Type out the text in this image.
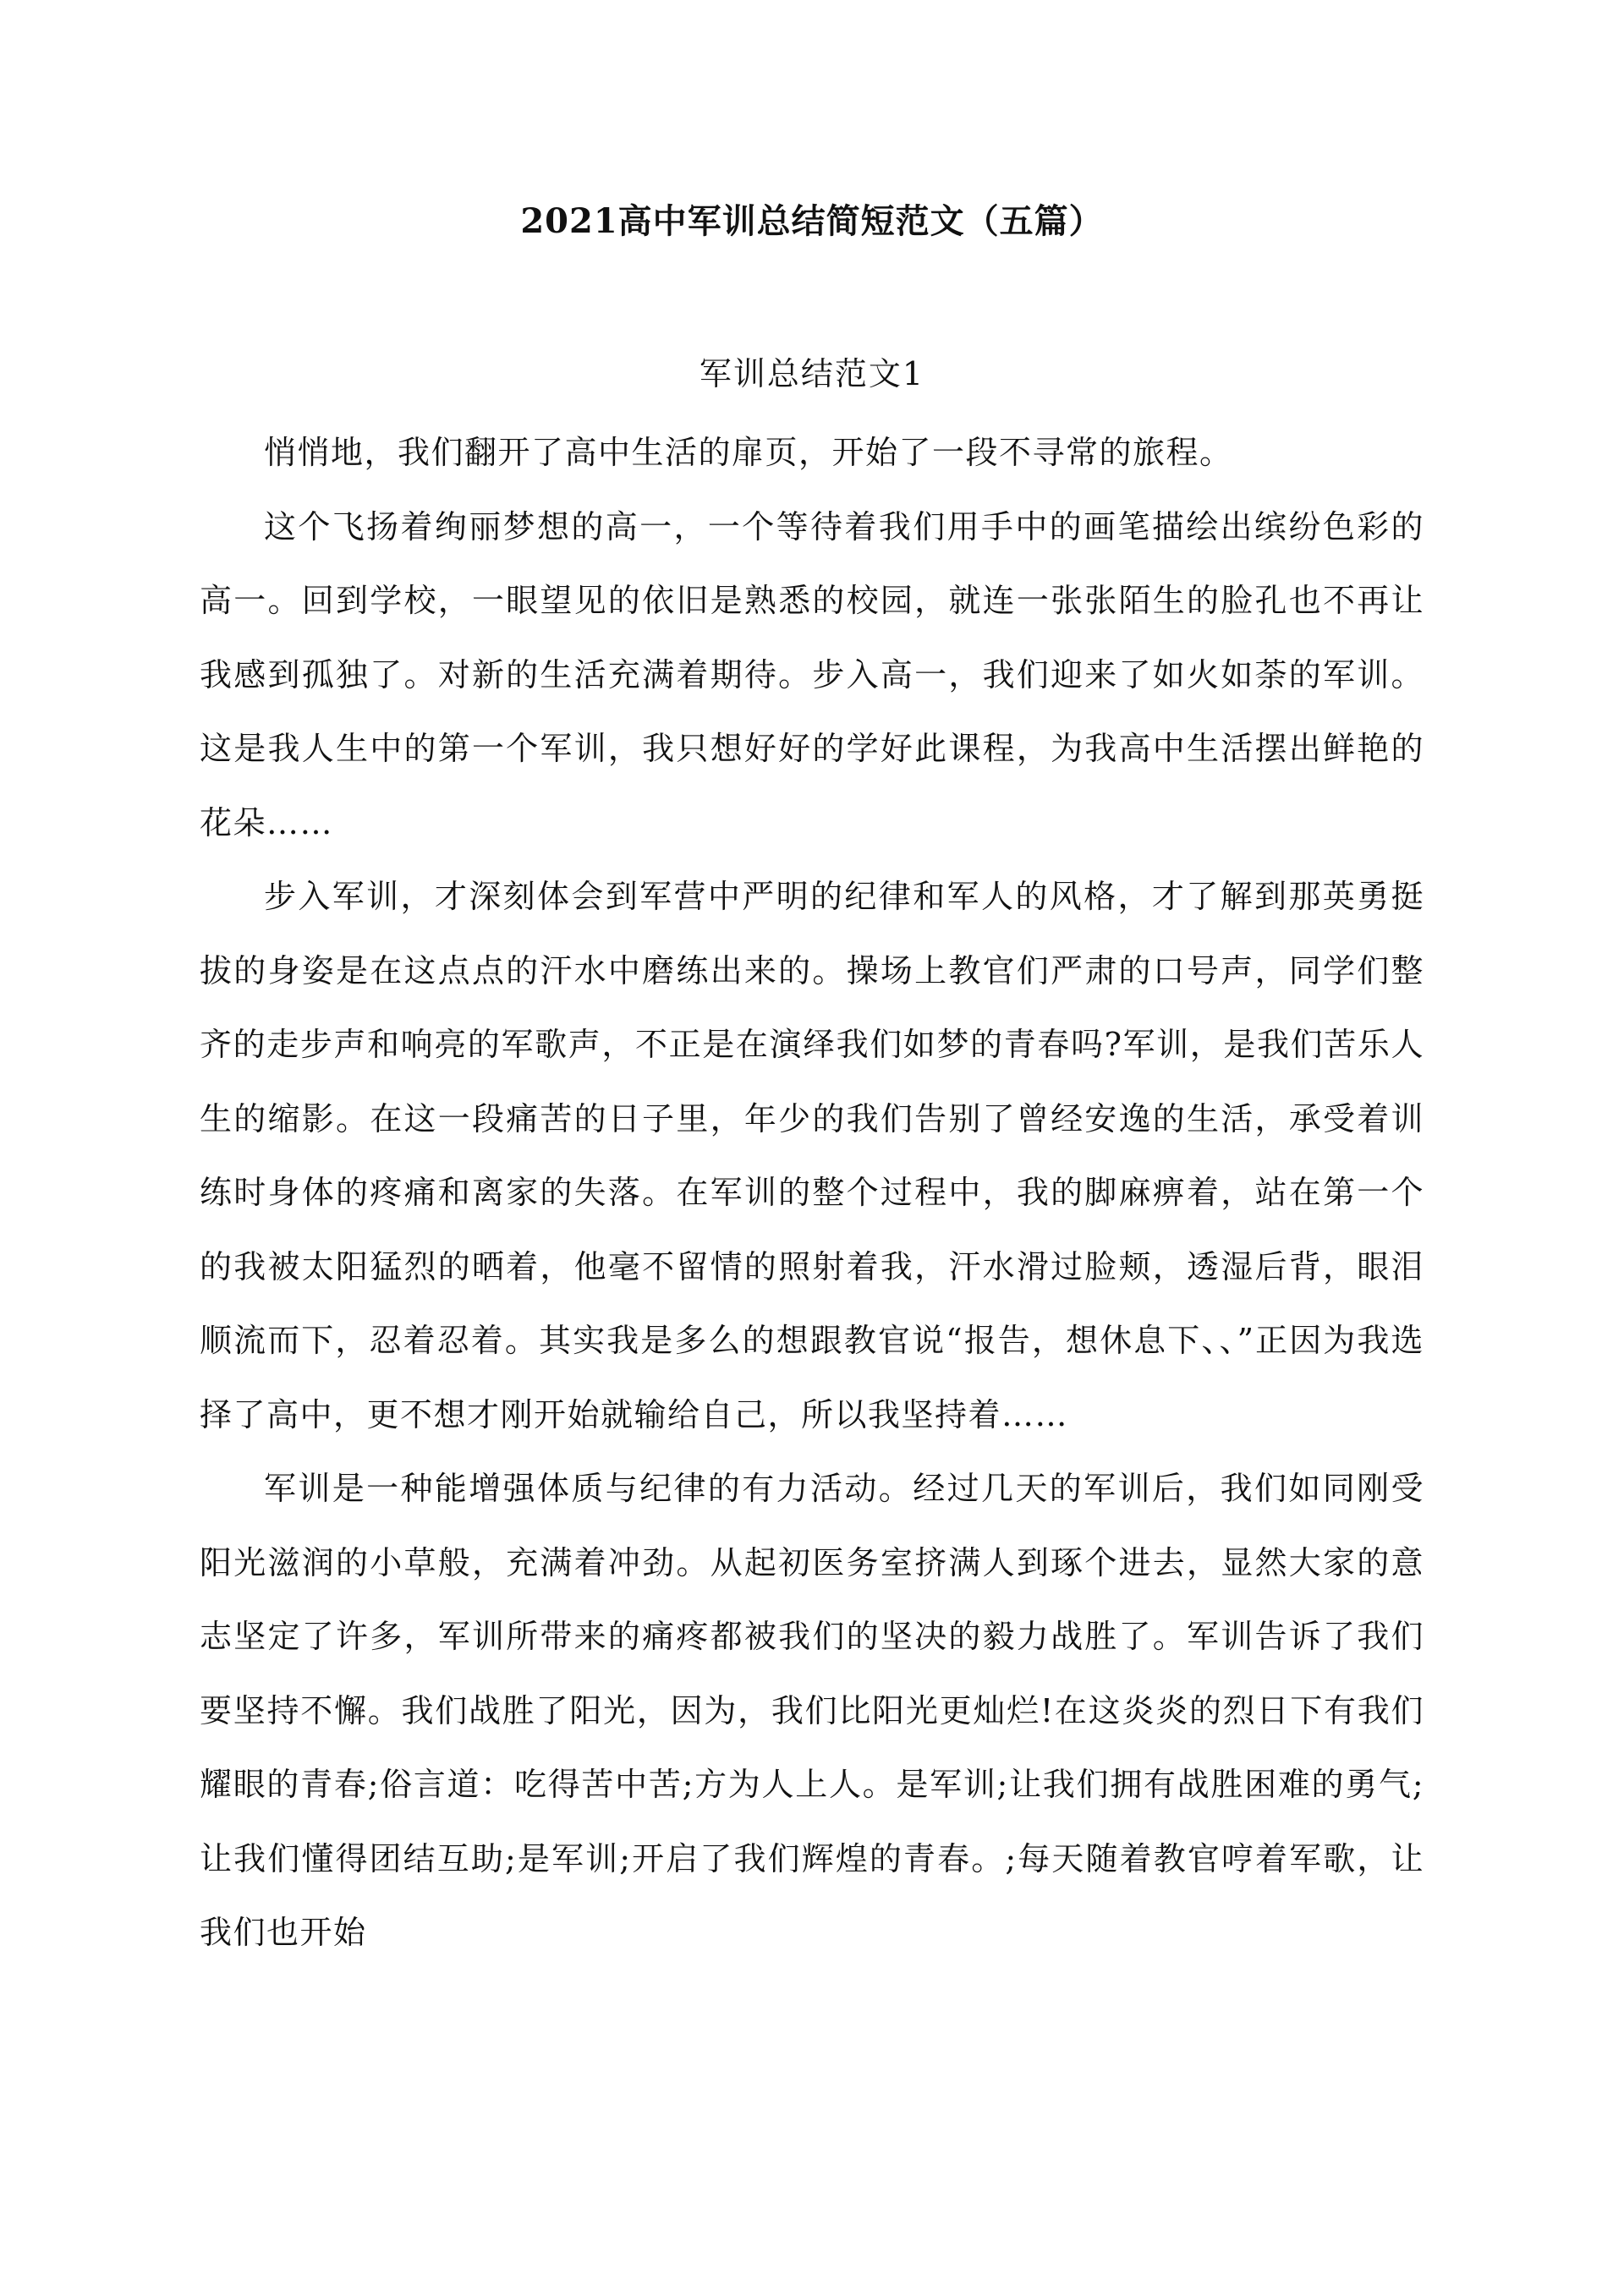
2021高中军训总结简短范文（五篇）
军训总结范文1

悄悄地，我们翻开了高中生活的扉页，开始了一段不寻常的旅程。

这个飞扬着绚丽梦想的高一，一个等待着我们用手中的画笔描绘出缤纷色彩的高一。回到学校，一眼望见的依旧是熟悉的校园，就连一张张陌生的脸孔也不再让我感到孤独了。对新的生活充满着期待。步入高一，我们迎来了如火如荼的军训。这是我人生中的第一个军训，我只想好好的学好此课程，为我高中生活摆出鲜艳的花朵……

步入军训，才深刻体会到军营中严明的纪律和军人的风格，才了解到那英勇挺拔的身姿是在这点点的汗水中磨练出来的。操场上教官们严肃的口号声，同学们整齐的走步声和响亮的军歌声，不正是在演绎我们如梦的青春吗?军训，是我们苦乐人生的缩影。在这一段痛苦的日子里，年少的我们告别了曾经安逸的生活，承受着训练时身体的疼痛和离家的失落。在军训的整个过程中，我的脚麻痹着，站在第一个的我被太阳猛烈的晒着，他毫不留情的照射着我，汗水滑过脸颊，透湿后背，眼泪顺流而下，忍着忍着。其实我是多么的想跟教官说“报告，想休息下、、”正因为我选择了高中，更不想才刚开始就输给自己，所以我坚持着……

军训是一种能增强体质与纪律的有力活动。经过几天的军训后，我们如同刚受阳光滋润的小草般，充满着冲劲。从起初医务室挤满人到琢个进去，显然大家的意志坚定了许多，军训所带来的痛疼都被我们的坚决的毅力战胜了。军训告诉了我们要坚持不懈。我们战胜了阳光，因为，我们比阳光更灿烂!在这炎炎的烈日下有我们耀眼的青春;俗言道：吃得苦中苦;方为人上人。是军训;让我们拥有战胜困难的勇气;让我们懂得团结互助;是军训;开启了我们辉煌的青春。;每天随着教官哼着军歌，让我们也开始
